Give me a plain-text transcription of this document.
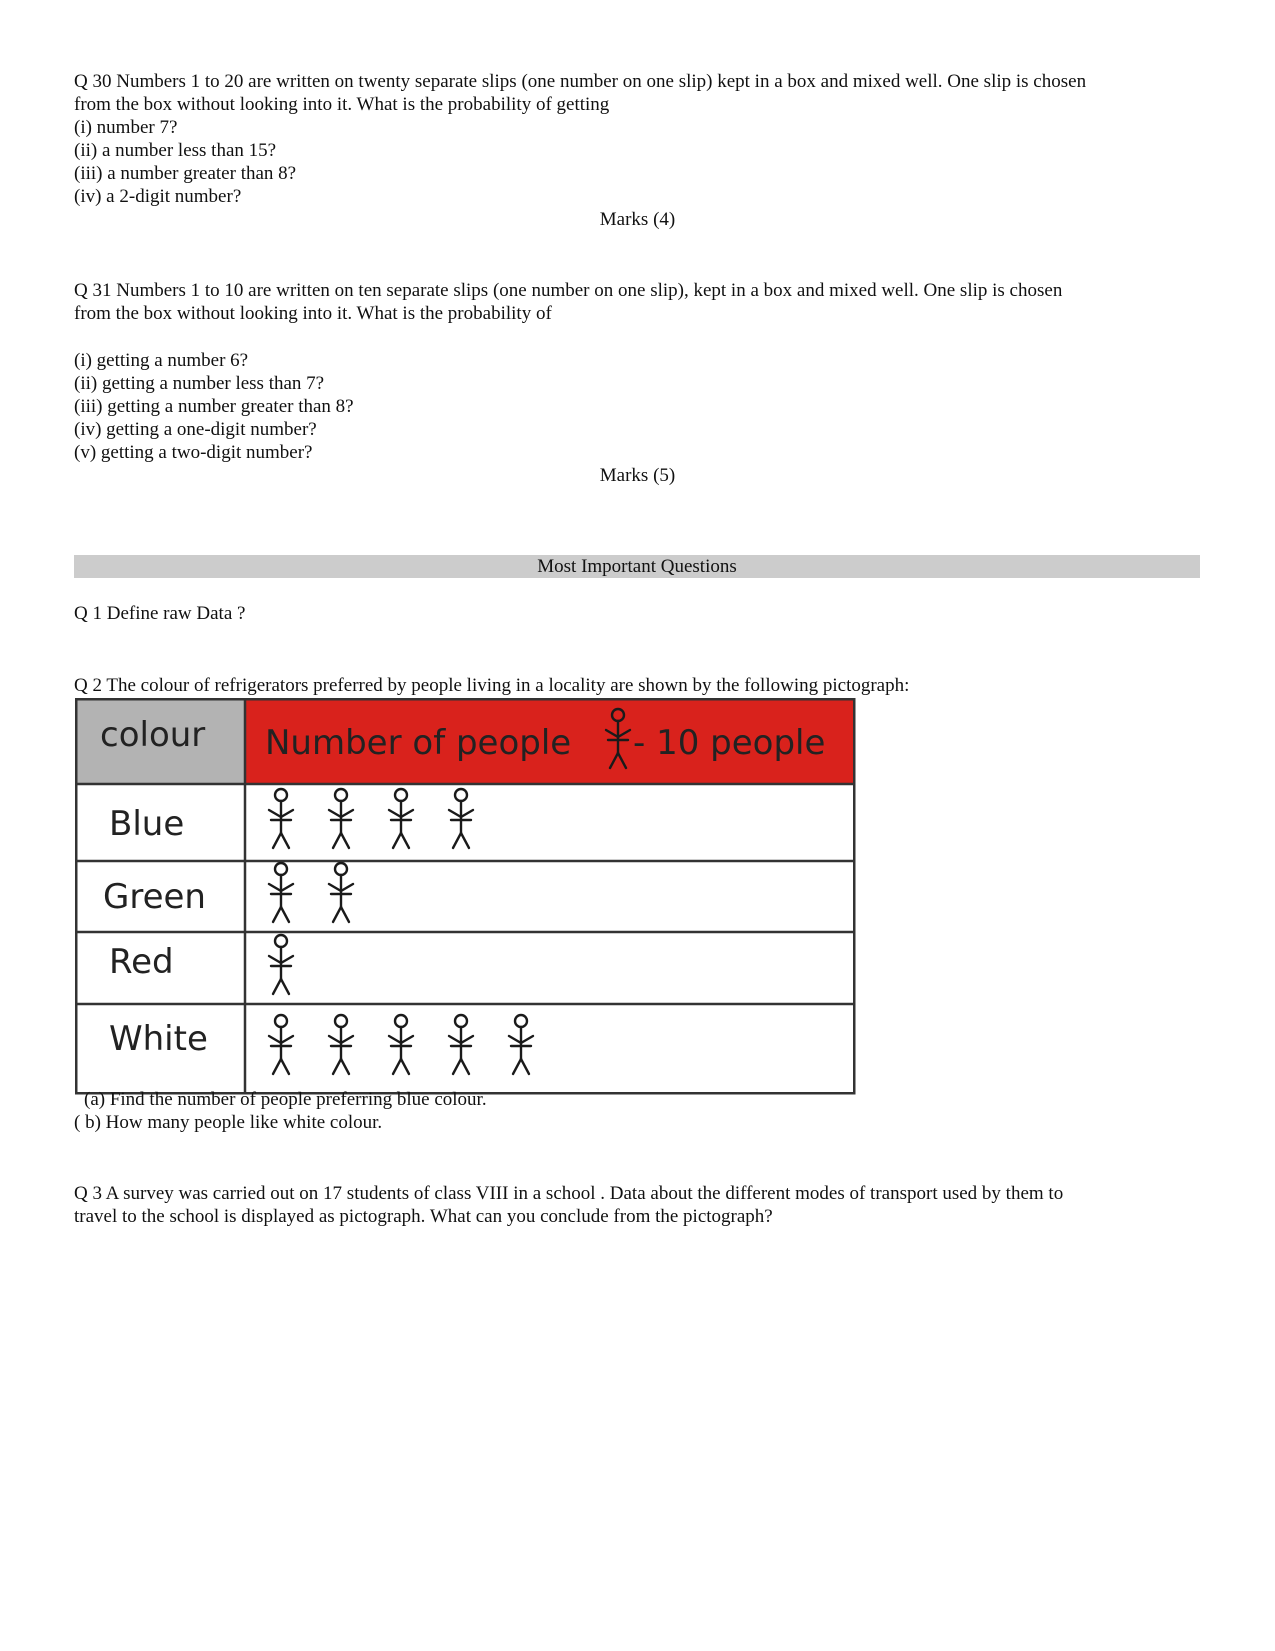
Q 30 Numbers 1 to 20 are written on twenty separate slips (one number on one slip) kept in a box and mixed well. One slip is chosen
from the box without looking into it. What is the probability of getting
(i) number 7?
(ii) a number less than 15?
(iii) a number greater than 8?
(iv) a 2-digit number?
Marks (4)
Q 31 Numbers 1 to 10 are written on ten separate slips (one number on one slip), kept in a box and mixed well. One slip is chosen
from the box without looking into it. What is the probability of
(i) getting a number 6?
(ii) getting a number less than 7?
(iii) getting a number greater than 8?
(iv) getting a one-digit number?
(v) getting a two-digit number?
Marks (5)
Most Important Questions
Q 1 Define raw Data ?
Q 2 The colour of refrigerators preferred by people living in a locality are shown by the following pictograph:
colour Number of people - 10 people
Blue
Green
Red
White
(a) Find the number of people preferring blue colour.
( b) How many people like white colour.
Q 3 A survey was carried out on 17 students of class VIII in a school . Data about the different modes of transport used by them to
travel to the school is displayed as pictograph. What can you conclude from the pictograph?
